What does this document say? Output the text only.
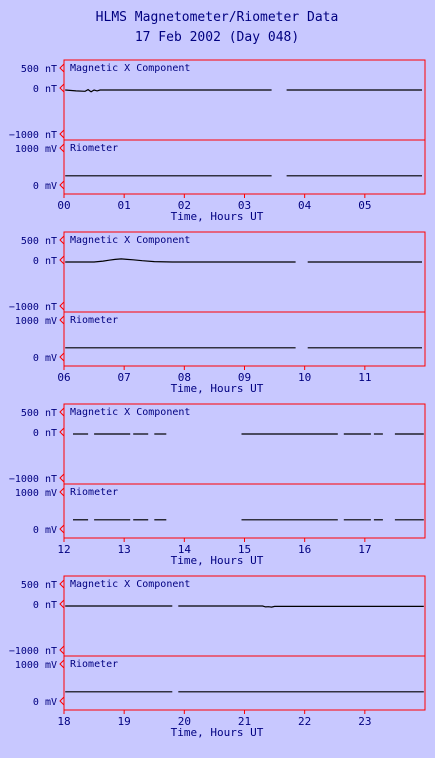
HLMS Magnetometer/Riometer Data
17 Feb 2002 (Day 048)
Magnetic X Component
500 nT
0 nT
−1000 nT
Riometer
1000 mV
0 mV
00	01	02	03	04	05
Time, Hours UT
Magnetic X Component
500 nT
0 nT
−1000 nT
Riometer
1000 mV
0 mV
06	07	08	09	10	11
Time, Hours UT
Magnetic X Component
500 nT
0 nT
−1000 nT
Riometer
1000 mV
0 mV
12	13	14	15	16	17
Time, Hours UT
Magnetic X Component
500 nT
0 nT
−1000 nT
Riometer
1000 mV
0 mV
18	19	20	21	22	23
Time, Hours UT
